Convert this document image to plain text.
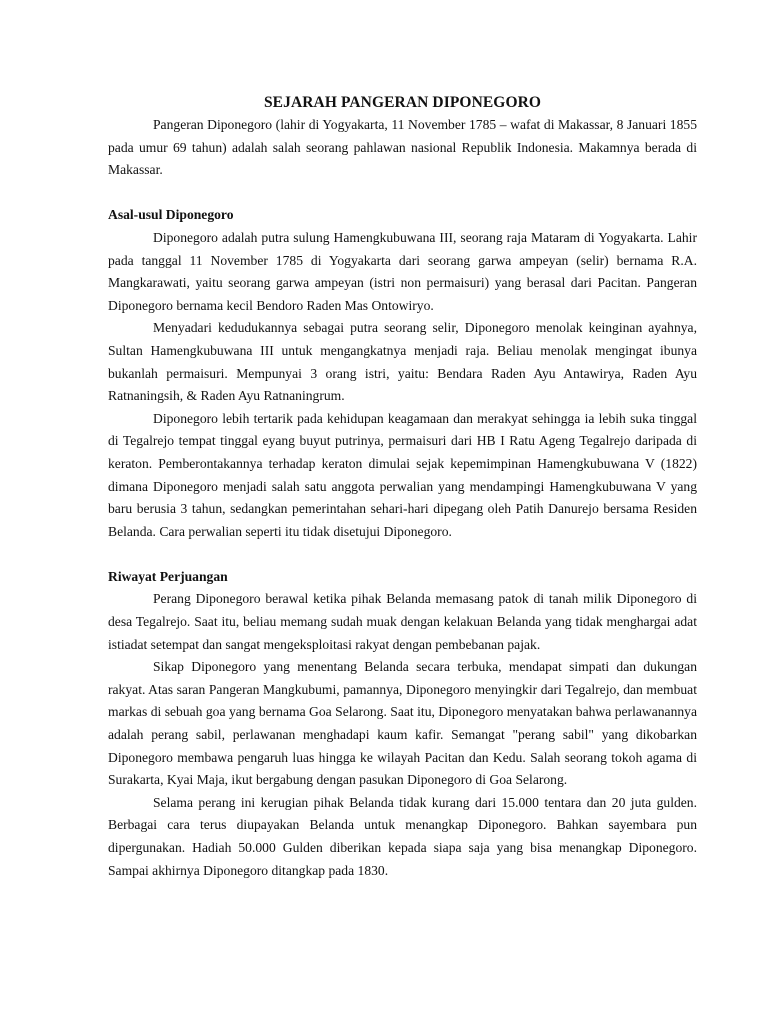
SEJARAH PANGERAN DIPONEGORO

Pangeran Diponegoro (lahir di Yogyakarta, 11 November 1785 – wafat di Makassar, 8 Januari 1855 pada umur 69 tahun) adalah salah seorang pahlawan nasional Republik Indonesia. Makamnya berada di Makassar.

Asal-usul Diponegoro

Diponegoro adalah putra sulung Hamengkubuwana III, seorang raja Mataram di Yogyakarta. Lahir pada tanggal 11 November 1785 di Yogyakarta dari seorang garwa ampeyan (selir) bernama R.A. Mangkarawati, yaitu seorang garwa ampeyan (istri non permaisuri) yang berasal dari Pacitan. Pangeran Diponegoro bernama kecil Bendoro Raden Mas Ontowiryo.

Menyadari kedudukannya sebagai putra seorang selir, Diponegoro menolak keinginan ayahnya, Sultan Hamengkubuwana III untuk mengangkatnya menjadi raja. Beliau menolak mengingat ibunya bukanlah permaisuri. Mempunyai 3 orang istri, yaitu: Bendara Raden Ayu Antawirya, Raden Ayu Ratnaningsih, & Raden Ayu Ratnaningrum.

Diponegoro lebih tertarik pada kehidupan keagamaan dan merakyat sehingga ia lebih suka tinggal di Tegalrejo tempat tinggal eyang buyut putrinya, permaisuri dari HB I Ratu Ageng Tegalrejo daripada di keraton. Pemberontakannya terhadap keraton dimulai sejak kepemimpinan Hamengkubuwana V (1822) dimana Diponegoro menjadi salah satu anggota perwalian yang mendampingi Hamengkubuwana V yang baru berusia 3 tahun, sedangkan pemerintahan sehari-hari dipegang oleh Patih Danurejo bersama Residen Belanda. Cara perwalian seperti itu tidak disetujui Diponegoro.

Riwayat Perjuangan

Perang Diponegoro berawal ketika pihak Belanda memasang patok di tanah milik Diponegoro di desa Tegalrejo. Saat itu, beliau memang sudah muak dengan kelakuan Belanda yang tidak menghargai adat istiadat setempat dan sangat mengeksploitasi rakyat dengan pembebanan pajak.

Sikap Diponegoro yang menentang Belanda secara terbuka, mendapat simpati dan dukungan rakyat. Atas saran Pangeran Mangkubumi, pamannya, Diponegoro menyingkir dari Tegalrejo, dan membuat markas di sebuah goa yang bernama Goa Selarong. Saat itu, Diponegoro menyatakan bahwa perlawanannya adalah perang sabil, perlawanan menghadapi kaum kafir. Semangat "perang sabil" yang dikobarkan Diponegoro membawa pengaruh luas hingga ke wilayah Pacitan dan Kedu. Salah seorang tokoh agama di Surakarta, Kyai Maja, ikut bergabung dengan pasukan Diponegoro di Goa Selarong.

Selama perang ini kerugian pihak Belanda tidak kurang dari 15.000 tentara dan 20 juta gulden. Berbagai cara terus diupayakan Belanda untuk menangkap Diponegoro. Bahkan sayembara pun dipergunakan. Hadiah 50.000 Gulden diberikan kepada siapa saja yang bisa menangkap Diponegoro. Sampai akhirnya Diponegoro ditangkap pada 1830.
